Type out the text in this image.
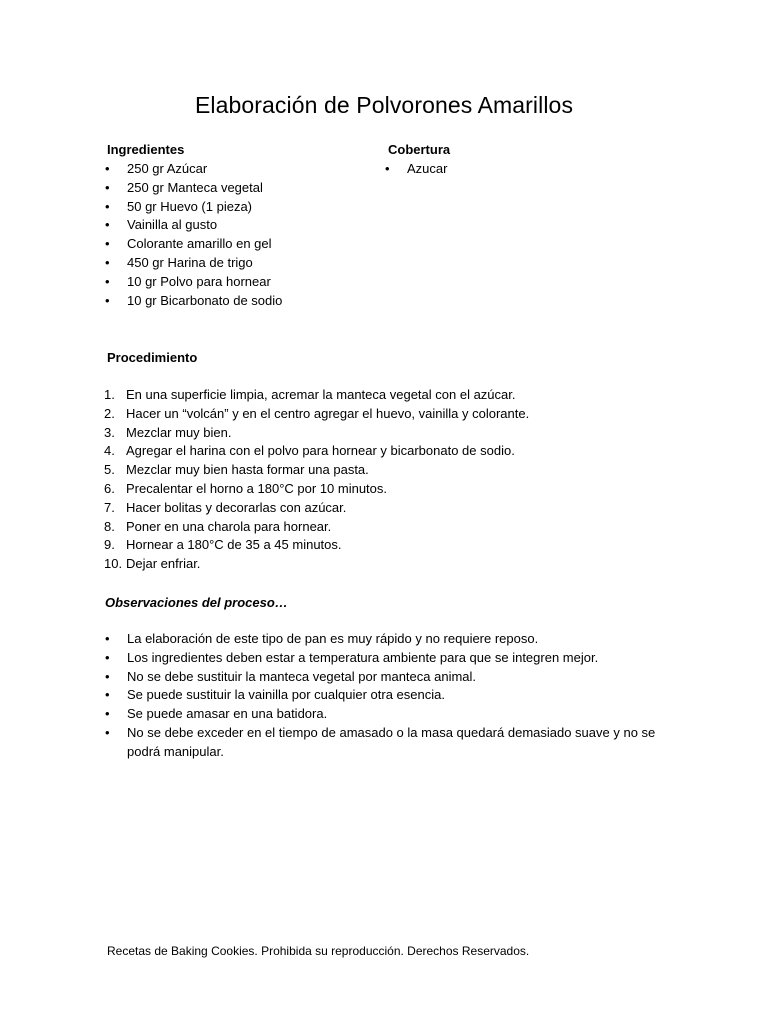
Elaboración de Polvorones Amarillos
Ingredientes
•	250 gr Azúcar
•	250 gr Manteca vegetal
•	50 gr Huevo (1 pieza)
•	Vainilla al gusto
•	Colorante amarillo en gel
•	450 gr Harina de trigo
•	10 gr Polvo para hornear
•	10 gr Bicarbonato de sodio
Cobertura
•	Azucar
Procedimiento
1. En una superficie limpia, acremar la manteca vegetal con el azúcar.
2. Hacer un “volcán” y en el centro agregar el huevo, vainilla y colorante.
3. Mezclar muy bien.
4. Agregar el harina con el polvo para hornear y bicarbonato de sodio.
5. Mezclar muy bien hasta formar una pasta.
6. Precalentar el horno a 180°C por 10 minutos.
7. Hacer bolitas y decorarlas con azúcar.
8. Poner en una charola para hornear.
9. Hornear a 180°C de 35 a 45 minutos.
10. Dejar enfriar.
Observaciones del proceso…
•	La elaboración de este tipo de pan es muy rápido y no requiere reposo.
•	Los ingredientes deben estar a temperatura ambiente para que se integren mejor.
•	No se debe sustituir la manteca vegetal por manteca animal.
•	Se puede sustituir la vainilla por cualquier otra esencia.
•	Se puede amasar en una batidora.
•	No se debe exceder en el tiempo de amasado o la masa quedará demasiado suave y no se podrá manipular.
Recetas de Baking Cookies. Prohibida su reproducción. Derechos Reservados.
